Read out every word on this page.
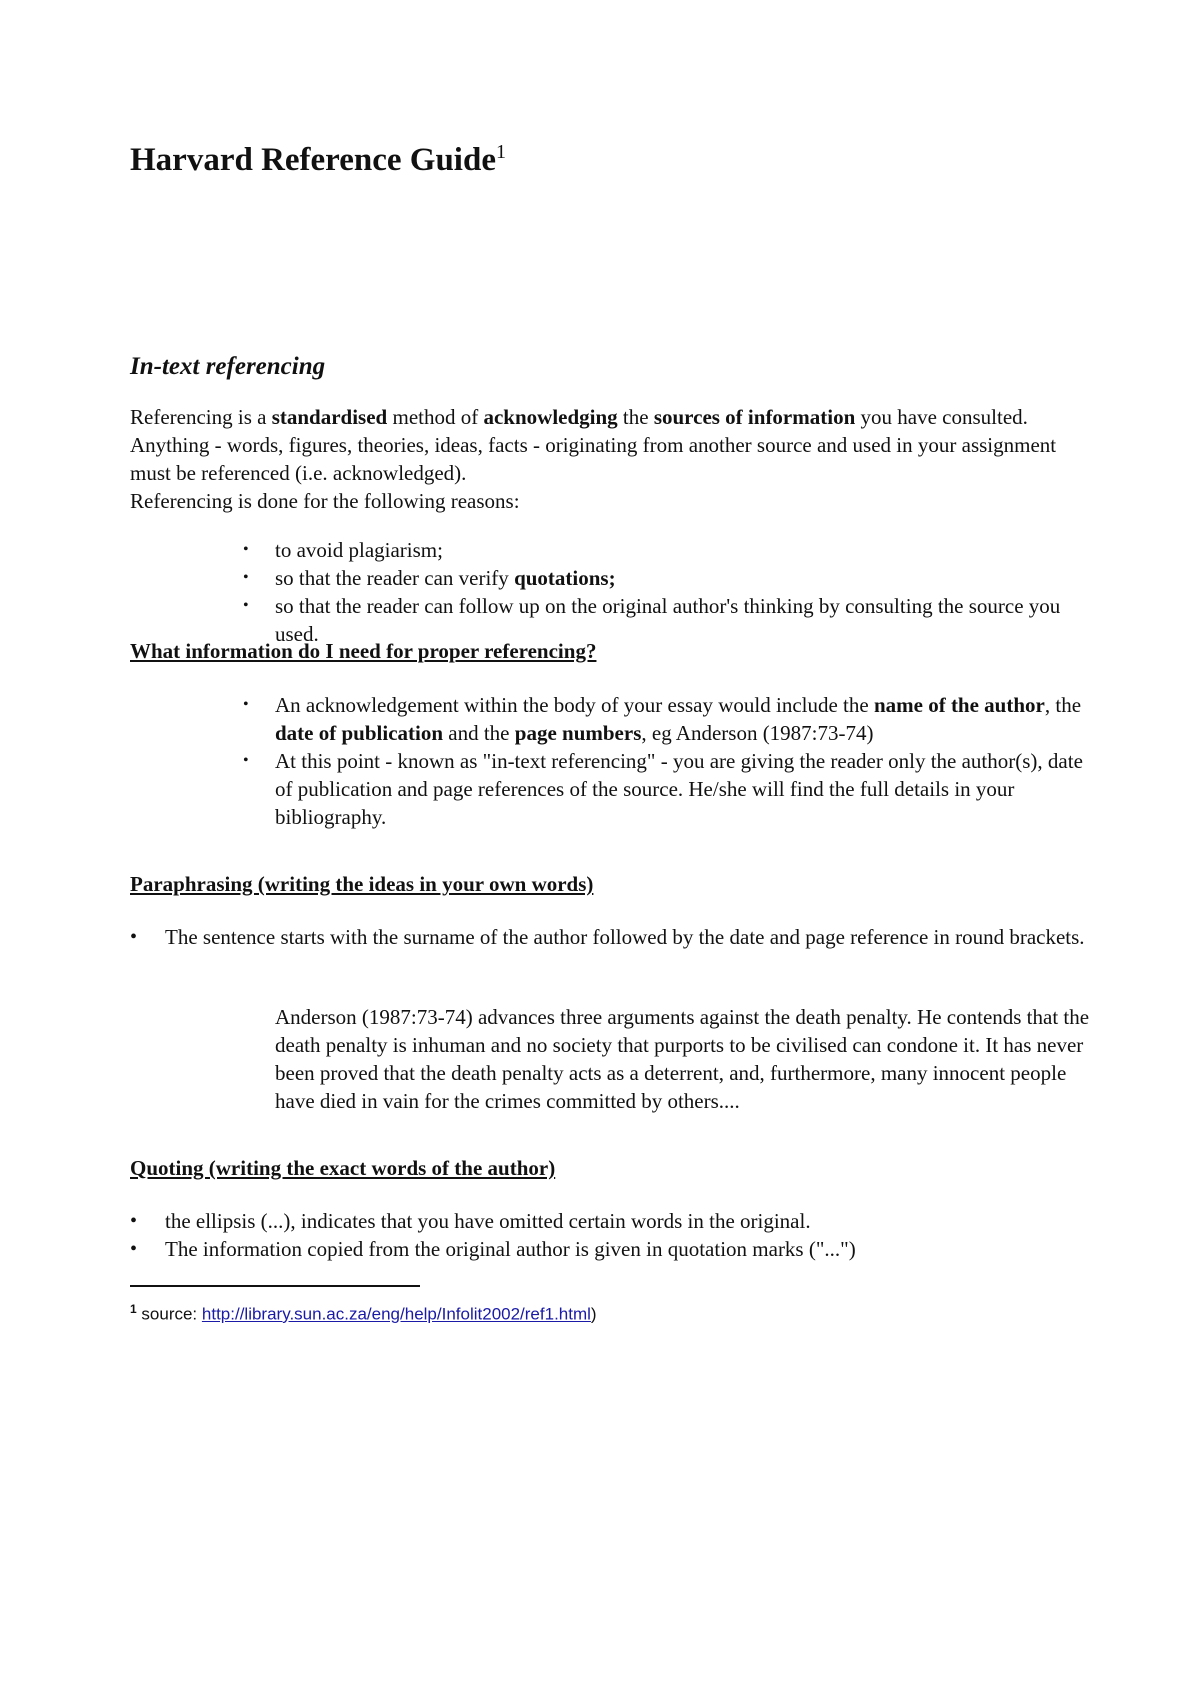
Harvard Reference Guide$^1$
In-text referencing

Referencing is a standardised method of acknowledging the sources of information you have consulted. Anything - words, figures, theories, ideas, facts - originating from another source and used in your assignment must be referenced (i.e. acknowledged).

Referencing is done for the following reasons:

• to avoid plagiarism;
• so that the reader can verify quotations;
• so that the reader can follow up on the original author's thinking by consulting the source you used.

What information do I need for proper referencing?

• An acknowledgement within the body of your essay would include the name of the author, the date of publication and the page numbers, eg Anderson (1987:73-74)
• At this point - known as "in-text referencing" - you are giving the reader only the author(s), date of publication and page references of the source. He/she will find the full details in your bibliography.

Paraphrasing (writing the ideas in your own words)

• The sentence starts with the surname of the author followed by the date and page reference in round brackets.

Anderson (1987:73-74) advances three arguments against the death penalty. He contends that the death penalty is inhuman and no society that purports to be civilised can condone it. It has never been proved that the death penalty acts as a deterrent, and, furthermore, many innocent people have died in vain for the crimes committed by others....

Quoting (writing the exact words of the author)

• the ellipsis (...), indicates that you have omitted certain words in the original.
• The information copied from the original author is given in quotation marks ("...")
$^1$ source: http://library.sun.ac.za/eng/help/Infolit2002/ref1.html)
